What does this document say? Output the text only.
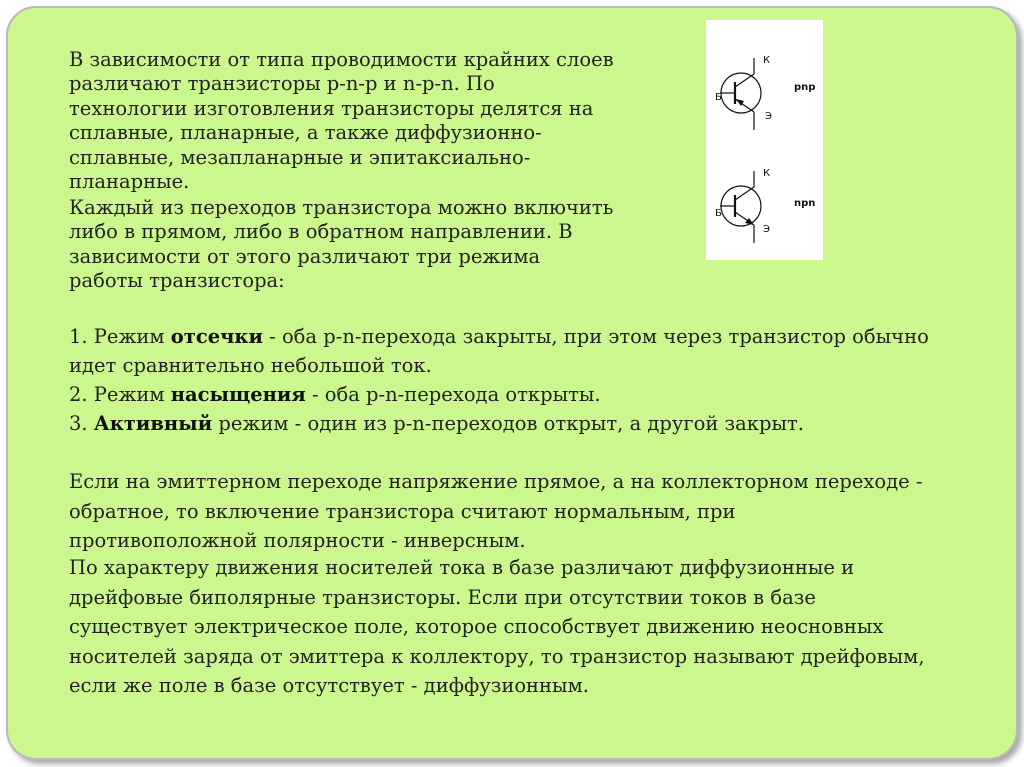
В зависимости от типа проводимости крайних слоев
различают транзисторы p-n-p и n-p-n. По
технологии изготовления транзисторы делятся на
сплавные, планарные, а также диффузионно-
сплавные, мезапланарные и эпитаксиально-
планарные.
Каждый из переходов транзистора можно включить
либо в прямом, либо в обратном направлении. В
зависимости от этого различают три режима
работы транзистора:
1. Режим отсечки - оба p-n-перехода закрыты, при этом через транзистор обычно
идет сравнительно небольшой ток.
2. Режим насыщения - оба p-n-перехода открыты.
3. Активный режим - один из p-n-переходов открыт, а другой закрыт.
Если на эмиттерном переходе напряжение прямое, а на коллекторном переходе -
обратное, то включение транзистора считают нормальным, при
противоположной полярности - инверсным.
По характеру движения носителей тока в базе различают диффузионные и
дрейфовые биполярные транзисторы. Если при отсутствии токов в базе
существует электрическое поле, которое способствует движению неосновных
носителей заряда от эмиттера к коллектору, то транзистор называют дрейфовым,
если же поле в базе отсутствует - диффузионным.
К
Б
Э
pnp
К
Б
Э
npn
